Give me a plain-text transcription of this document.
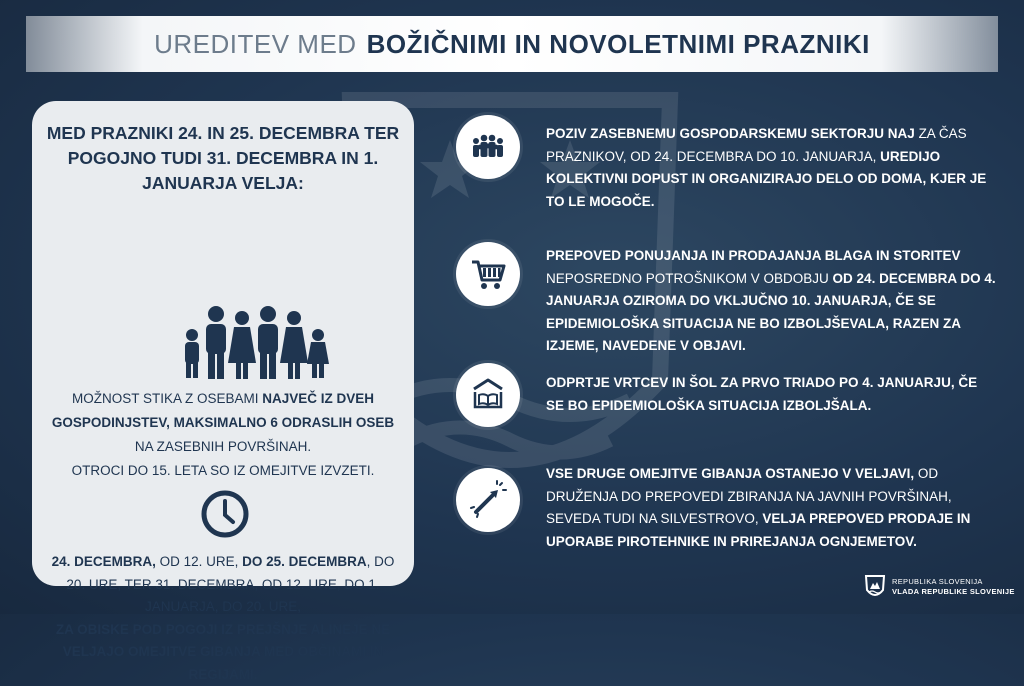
UREDITEV MED BOŽIČNIMI IN NOVOLETNIMI PRAZNIKI

MED PRAZNIKI 24. IN 25. DECEMBRA TER POGOJNO TUDI 31. DECEMBRA IN 1. JANUARJA VELJA:

MOŽNOST STIKA Z OSEBAMI NAJVEČ IZ DVEH GOSPODINJSTEV, MAKSIMALNO 6 ODRASLIH OSEB NA ZASEBNIH POVRŠINAH.
OTROCI DO 15. LETA SO IZ OMEJITVE IZVZETI.

24. DECEMBRA, OD 12. URE, DO 25. DECEMBRA, DO 20. URE, TER 31. DECEMBRA, OD 12. URE, DO 1. JANUARJA, DO 20. URE,
ZA OBISKE POD POGOJI IZ PREJŠNJE ALINEJE NE VELJAJO OMEJITVE GIBANJA MED OBČINAMI IN REGIJAMI.

POZIV ZASEBNEMU GOSPODARSKEMU SEKTORJU NAJ ZA ČAS PRAZNIKOV, OD 24. DECEMBRA DO 10. JANUARJA, UREDIJO KOLEKTIVNI DOPUST IN ORGANIZIRAJO DELO OD DOMA, KJER JE TO LE MOGOČE.

PREPOVED PONUJANJA IN PRODAJANJA BLAGA IN STORITEV NEPOSREDNO POTROŠNIKOM V OBDOBJU OD 24. DECEMBRA DO 4. JANUARJA OZIROMA DO VKLJUČNO 10. JANUARJA, ČE SE EPIDEMIOLOŠKA SITUACIJA NE BO IZBOLJŠEVALA, RAZEN ZA IZJEME, NAVEDENE V OBJAVI.

ODPRTJE VRTCEV IN ŠOL ZA PRVO TRIADO PO 4. JANUARJU, ČE SE BO EPIDEMIOLOŠKA SITUACIJA IZBOLJŠALA.

VSE DRUGE OMEJITVE GIBANJA OSTANEJO V VELJAVI, OD DRUŽENJA DO PREPOVEDI ZBIRANJA NA JAVNIH POVRŠINAH, SEVEDA TUDI NA SILVESTROVO, VELJA PREPOVED PRODAJE IN UPORABE PIROTEHNIKE IN PRIREJANJA OGNJEMETOV.

REPUBLIKA SLOVENIJA
VLADA REPUBLIKE SLOVENIJE
